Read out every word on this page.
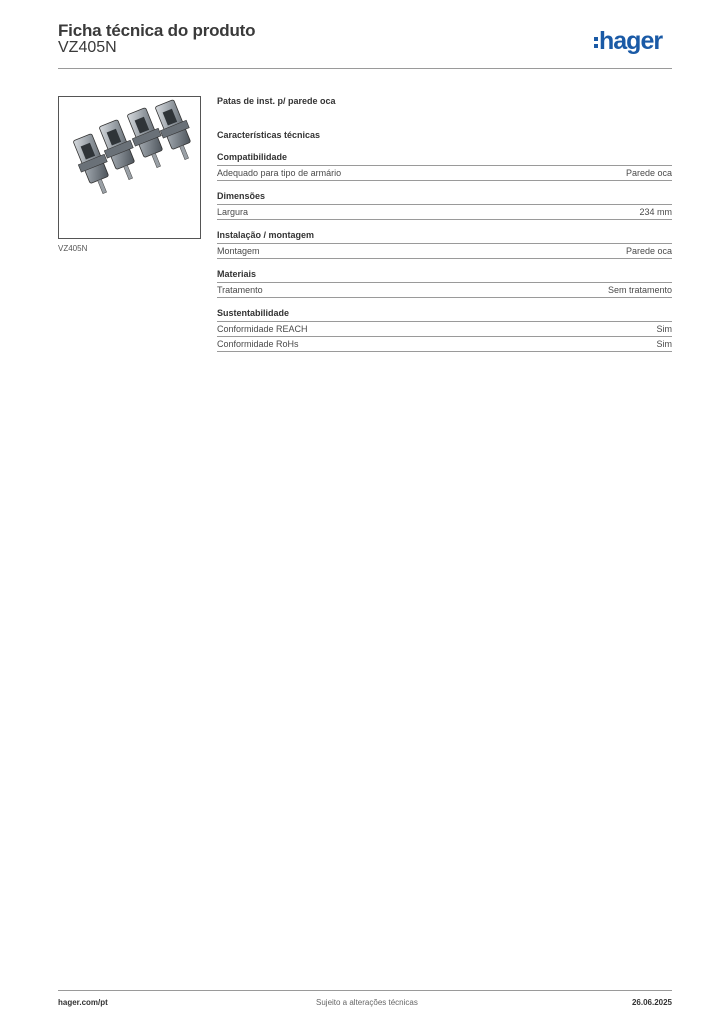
Ficha técnica do produto
VZ405N	hager
VZ405N
Patas de inst. p/ parede oca
Características técnicas
Compatibilidade
Adequado para tipo de armário	Parede oca
Dimensões
Largura	234 mm
Instalação / montagem
Montagem	Parede oca
Materiais
Tratamento	Sem tratamento
Sustentabilidade
Conformidade REACH	Sim
Conformidade RoHs	Sim
hager.com/pt	Sujeito a alterações técnicas	26.06.2025
